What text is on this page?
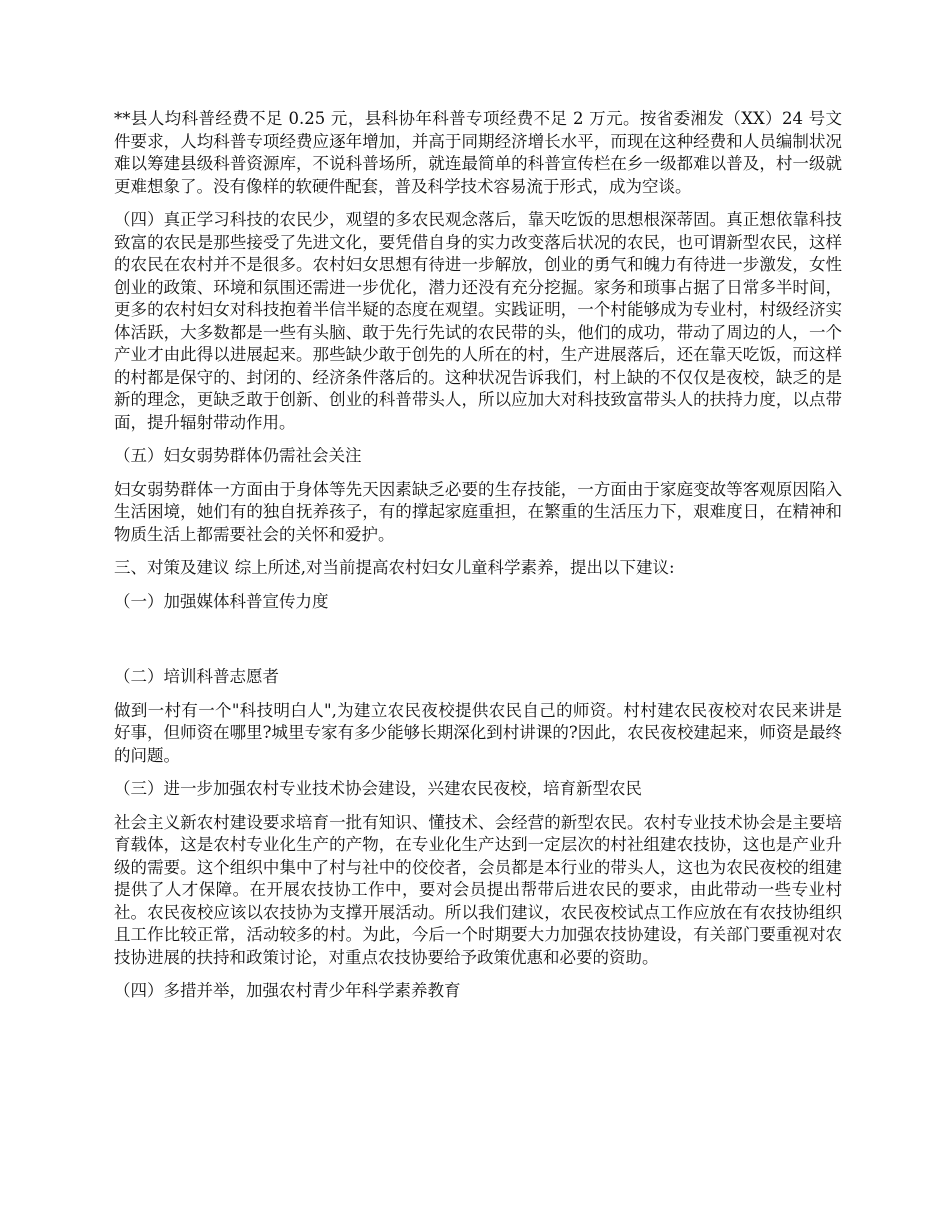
**县人均科普经费不足 0.25 元，县科协年科普专项经费不足 2 万元。按省委湘发（XX）24 号文件要求，人均科普专项经费应逐年增加，并高于同期经济增长水平，而现在这种经费和人员编制状况难以筹建县级科普资源库，不说科普场所，就连最简单的科普宣传栏在乡一级都难以普及，村一级就更难想象了。没有像样的软硬件配套，普及科学技术容易流于形式，成为空谈。

（四）真正学习科技的农民少，观望的多农民观念落后，靠天吃饭的思想根深蒂固。真正想依靠科技致富的农民是那些接受了先进文化，要凭借自身的实力改变落后状况的农民，也可谓新型农民，这样的农民在农村并不是很多。农村妇女思想有待进一步解放，创业的勇气和魄力有待进一步激发，女性创业的政策、环境和氛围还需进一步优化，潜力还没有充分挖掘。家务和琐事占据了日常多半时间，更多的农村妇女对科技抱着半信半疑的态度在观望。实践证明，一个村能够成为专业村，村级经济实体活跃，大多数都是一些有头脑、敢于先行先试的农民带的头，他们的成功，带动了周边的人，一个产业才由此得以进展起来。那些缺少敢于创先的人所在的村，生产进展落后，还在靠天吃饭，而这样的村都是保守的、封闭的、经济条件落后的。这种状况告诉我们，村上缺的不仅仅是夜校，缺乏的是新的理念，更缺乏敢于创新、创业的科普带头人，所以应加大对科技致富带头人的扶持力度，以点带面，提升辐射带动作用。

（五）妇女弱势群体仍需社会关注

妇女弱势群体一方面由于身体等先天因素缺乏必要的生存技能，一方面由于家庭变故等客观原因陷入生活困境，她们有的独自抚养孩子，有的撑起家庭重担，在繁重的生活压力下，艰难度日，在精神和物质生活上都需要社会的关怀和爱护。

三、对策及建议 综上所述,对当前提高农村妇女儿童科学素养，提出以下建议:

（一）加强媒体科普宣传力度

（二）培训科普志愿者

做到一村有一个"科技明白人",为建立农民夜校提供农民自己的师资。村村建农民夜校对农民来讲是好事，但师资在哪里?城里专家有多少能够长期深化到村讲课的?因此，农民夜校建起来，师资是最终的问题。

（三）进一步加强农村专业技术协会建设，兴建农民夜校，培育新型农民

社会主义新农村建设要求培育一批有知识、懂技术、会经营的新型农民。农村专业技术协会是主要培育载体，这是农村专业化生产的产物，在专业化生产达到一定层次的村社组建农技协，这也是产业升级的需要。这个组织中集中了村与社中的佼佼者，会员都是本行业的带头人，这也为农民夜校的组建提供了人才保障。在开展农技协工作中，要对会员提出帮带后进农民的要求，由此带动一些专业村社。农民夜校应该以农技协为支撑开展活动。所以我们建议，农民夜校试点工作应放在有农技协组织且工作比较正常，活动较多的村。为此，今后一个时期要大力加强农技协建设，有关部门要重视对农技协进展的扶持和政策讨论，对重点农技协要给予政策优惠和必要的资助。

（四）多措并举，加强农村青少年科学素养教育
